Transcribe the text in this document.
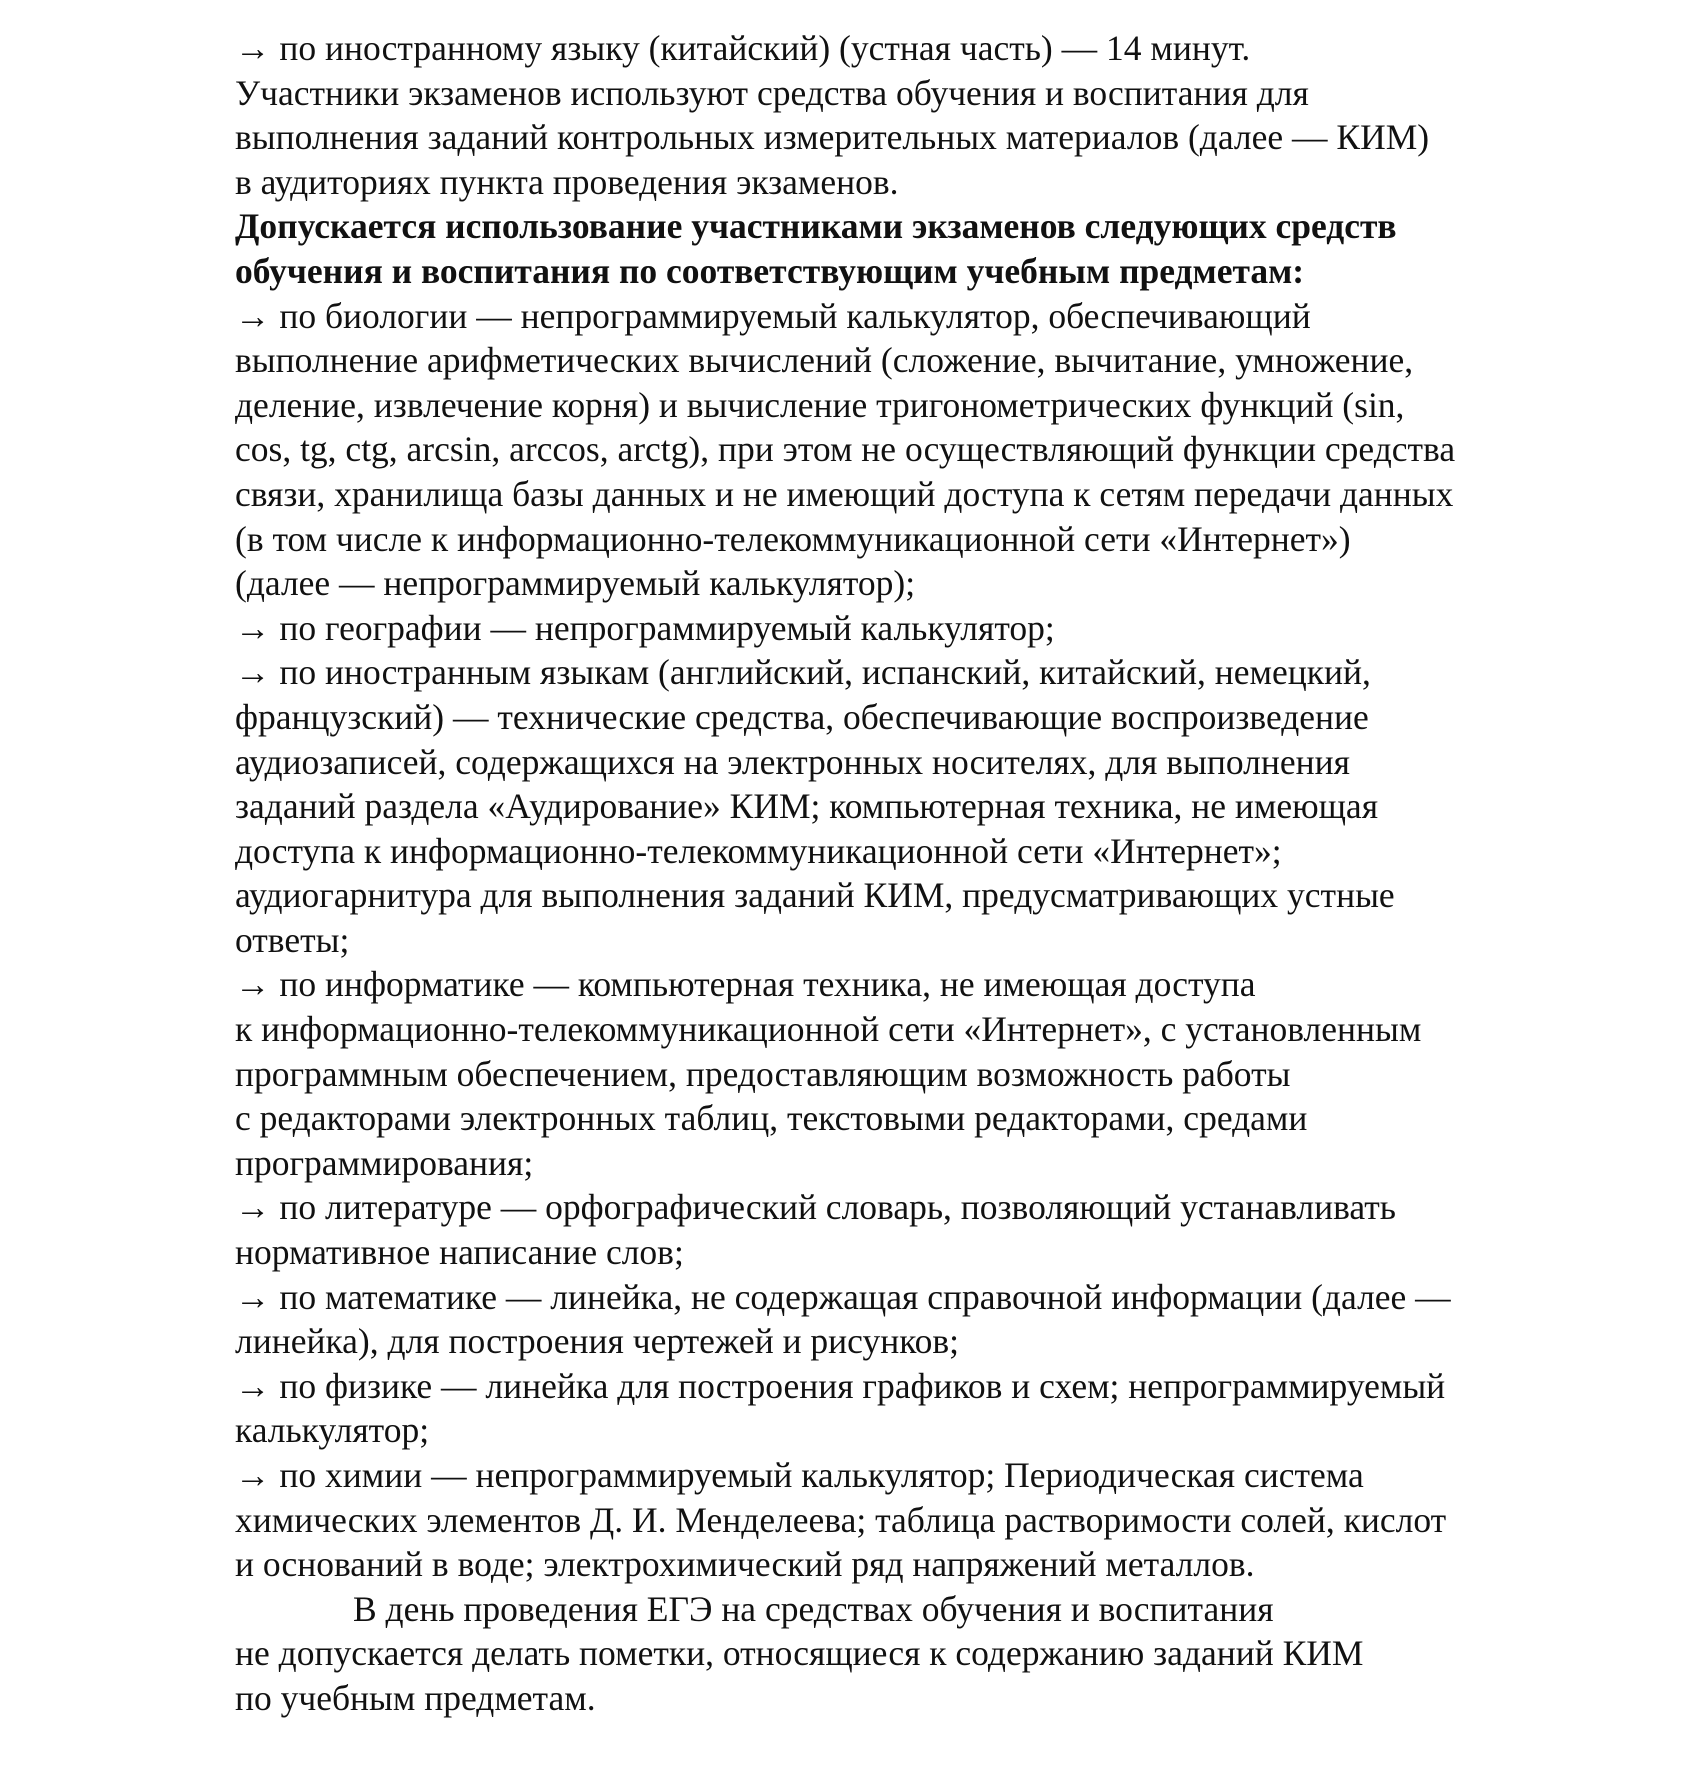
→ по иностранному языку (китайский) (устная часть) — 14 минут.
Участники экзаменов используют средства обучения и воспитания для
выполнения заданий контрольных измерительных материалов (далее — КИМ)
в аудиториях пункта проведения экзаменов.
Допускается использование участниками экзаменов следующих средств
обучения и воспитания по соответствующим учебным предметам:
→ по биологии — непрограммируемый калькулятор, обеспечивающий
выполнение арифметических вычислений (сложение, вычитание, умножение,
деление, извлечение корня) и вычисление тригонометрических функций (sin,
cos, tg, ctg, arcsin, arccos, arctg), при этом не осуществляющий функции средства
связи, хранилища базы данных и не имеющий доступа к сетям передачи данных
(в том числе к информационно-телекоммуникационной сети «Интернет»)
(далее — непрограммируемый калькулятор);
→ по географии — непрограммируемый калькулятор;
→ по иностранным языкам (английский, испанский, китайский, немецкий,
французский) — технические средства, обеспечивающие воспроизведение
аудиозаписей, содержащихся на электронных носителях, для выполнения
заданий раздела «Аудирование» КИМ; компьютерная техника, не имеющая
доступа к информационно-телекоммуникационной сети «Интернет»;
аудиогарнитура для выполнения заданий КИМ, предусматривающих устные
ответы;
→ по информатике — компьютерная техника, не имеющая доступа
к информационно-телекоммуникационной сети «Интернет», с установленным
программным обеспечением, предоставляющим возможность работы
с редакторами электронных таблиц, текстовыми редакторами, средами
программирования;
→ по литературе — орфографический словарь, позволяющий устанавливать
нормативное написание слов;
→ по математике — линейка, не содержащая справочной информации (далее —
линейка), для построения чертежей и рисунков;
→ по физике — линейка для построения графиков и схем; непрограммируемый
калькулятор;
→ по химии — непрограммируемый калькулятор; Периодическая система
химических элементов Д. И. Менделеева; таблица растворимости солей, кислот
и оснований в воде; электрохимический ряд напряжений металлов.
В день проведения ЕГЭ на средствах обучения и воспитания
не допускается делать пометки, относящиеся к содержанию заданий КИМ
по учебным предметам.
